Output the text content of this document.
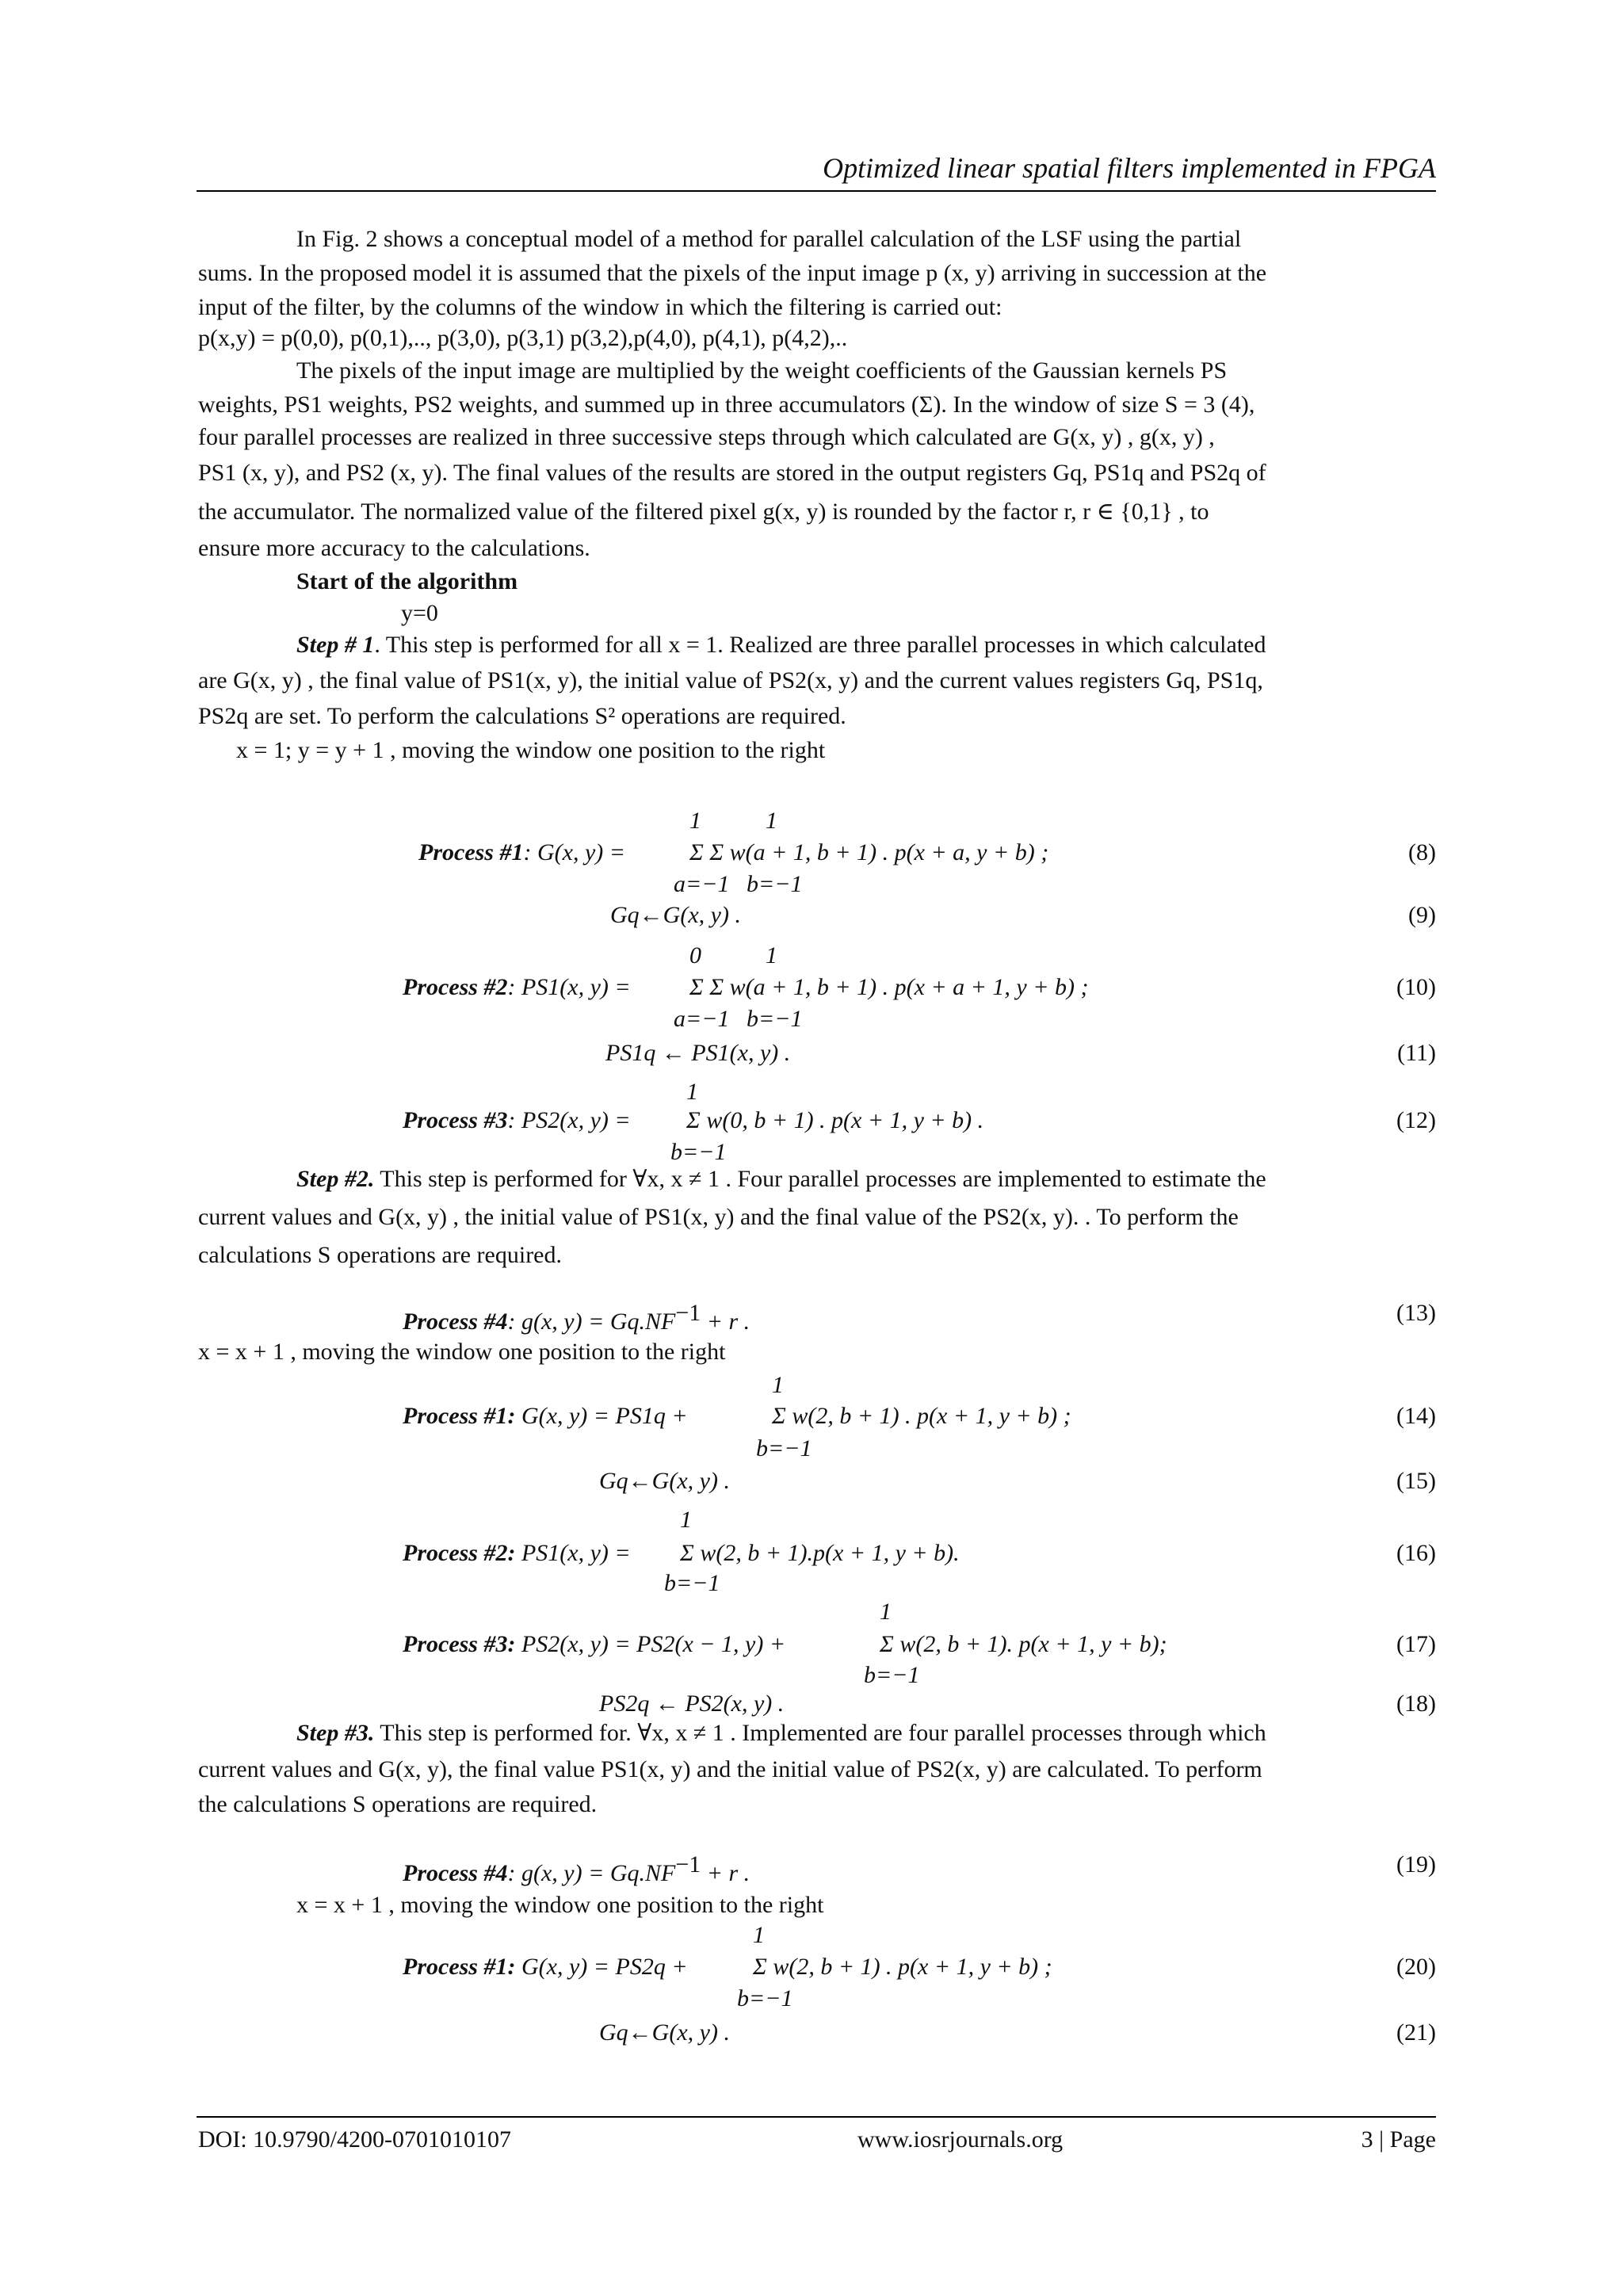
Optimized linear spatial filters implemented in FPGA
In Fig. 2 shows a conceptual model of a method for parallel calculation of the LSF using the partial
sums. In the proposed model it is assumed that the pixels of the input image p (x, y) arriving in succession at the
input of the filter, by the columns of the window in which the filtering is carried out:
p(x,y) = p(0,0), p(0,1),.., p(3,0), p(3,1) p(3,2),p(4,0), p(4,1), p(4,2),..
The pixels of the input image are multiplied by the weight coefficients of the Gaussian kernels PS
weights, PS1 weights, PS2 weights, and summed up in three accumulators (Σ). In the window of size S = 3 (4),
four parallel processes are realized in three successive steps through which calculated are G(x, y) , g(x, y) ,
PS1 (x, y), and PS2 (x, y). The final values of the results are stored in the output registers Gq, PS1q and PS2q of
the accumulator. The normalized value of the filtered pixel g(x, y) is rounded by the factor r, r ∈ {0,1} , to
ensure more accuracy to the calculations.
Start of the algorithm
y=0
Step # 1. This step is performed for all x = 1. Realized are three parallel processes in which calculated
are G(x, y) , the final value of PS1(x, y), the initial value of PS2(x, y) and the current values registers Gq, PS1q,
PS2q are set. To perform the calculations S² operations are required.
x = 1; y = y + 1 , moving the window one position to the right
Process #1: G(x, y) =	Σ Σ w(a + 1, b + 1) . p(x + a, y + b) ;
1
a=−1
1
b=−1
(8)
Gq←G(x, y) .	(9)
Process #2: PS1(x, y) = Σ Σ w(a + 1, b + 1) . p(x + a + 1, y + b) ;
0
a=−1
1
b=−1
(10)
PS1q ← PS1(x, y) .	(11)
Process #3: PS2(x, y) = Σ w(0, b + 1) . p(x + 1, y + b) .
1
b=−1
(12)
Process #4: g(x, $y) = Gq.NF^{-1} + r$ .	(13)
Process #1: G(x, y) = PS1q +	Σ w(2, b + 1) . p(x + 1, y + b) ;
1
b=−1
(14)
Gq←G(x, y) .	(15)
Process #2: PS1(x, y) = Σ w(2, b + 1).p(x + 1, y + b).
1
b=−1
(16)
Process #3: PS2(x, y) = PS2(x − 1, y) +	Σ w(2, b + 1). p(x + 1, y + b);
1
b=−1
(17)
PS2q ← PS2(x, y) .	(18)
Process #4: g(x, $y) = Gq.NF^{-1} + r$ .	(19)
Process #1: G(x, y) = PS2q +	Σ w(2, b + 1) . p(x + 1, y + b) ;
1
b=−1
(20)
Gq←G(x, y) .	(21)
Step #2. This step is performed for ∀x, x ≠ 1 . Four parallel processes are implemented to estimate the
current values and G(x, y) , the initial value of PS1(x, y) and the final value of the PS2(x, y). . To perform the
calculations S operations are required.
x = x + 1 , moving the window one position to the right
Step #3. This step is performed for. ∀x, x ≠ 1 . Implemented are four parallel processes through which
current values and G(x, y), the final value PS1(x, y) and the initial value of PS2(x, y) are calculated. To perform
the calculations S operations are required.
x = x + 1 , moving the window one position to the right
DOI: 10.9790/4200-0701010107	www.iosrjournals.org	3 | Page
